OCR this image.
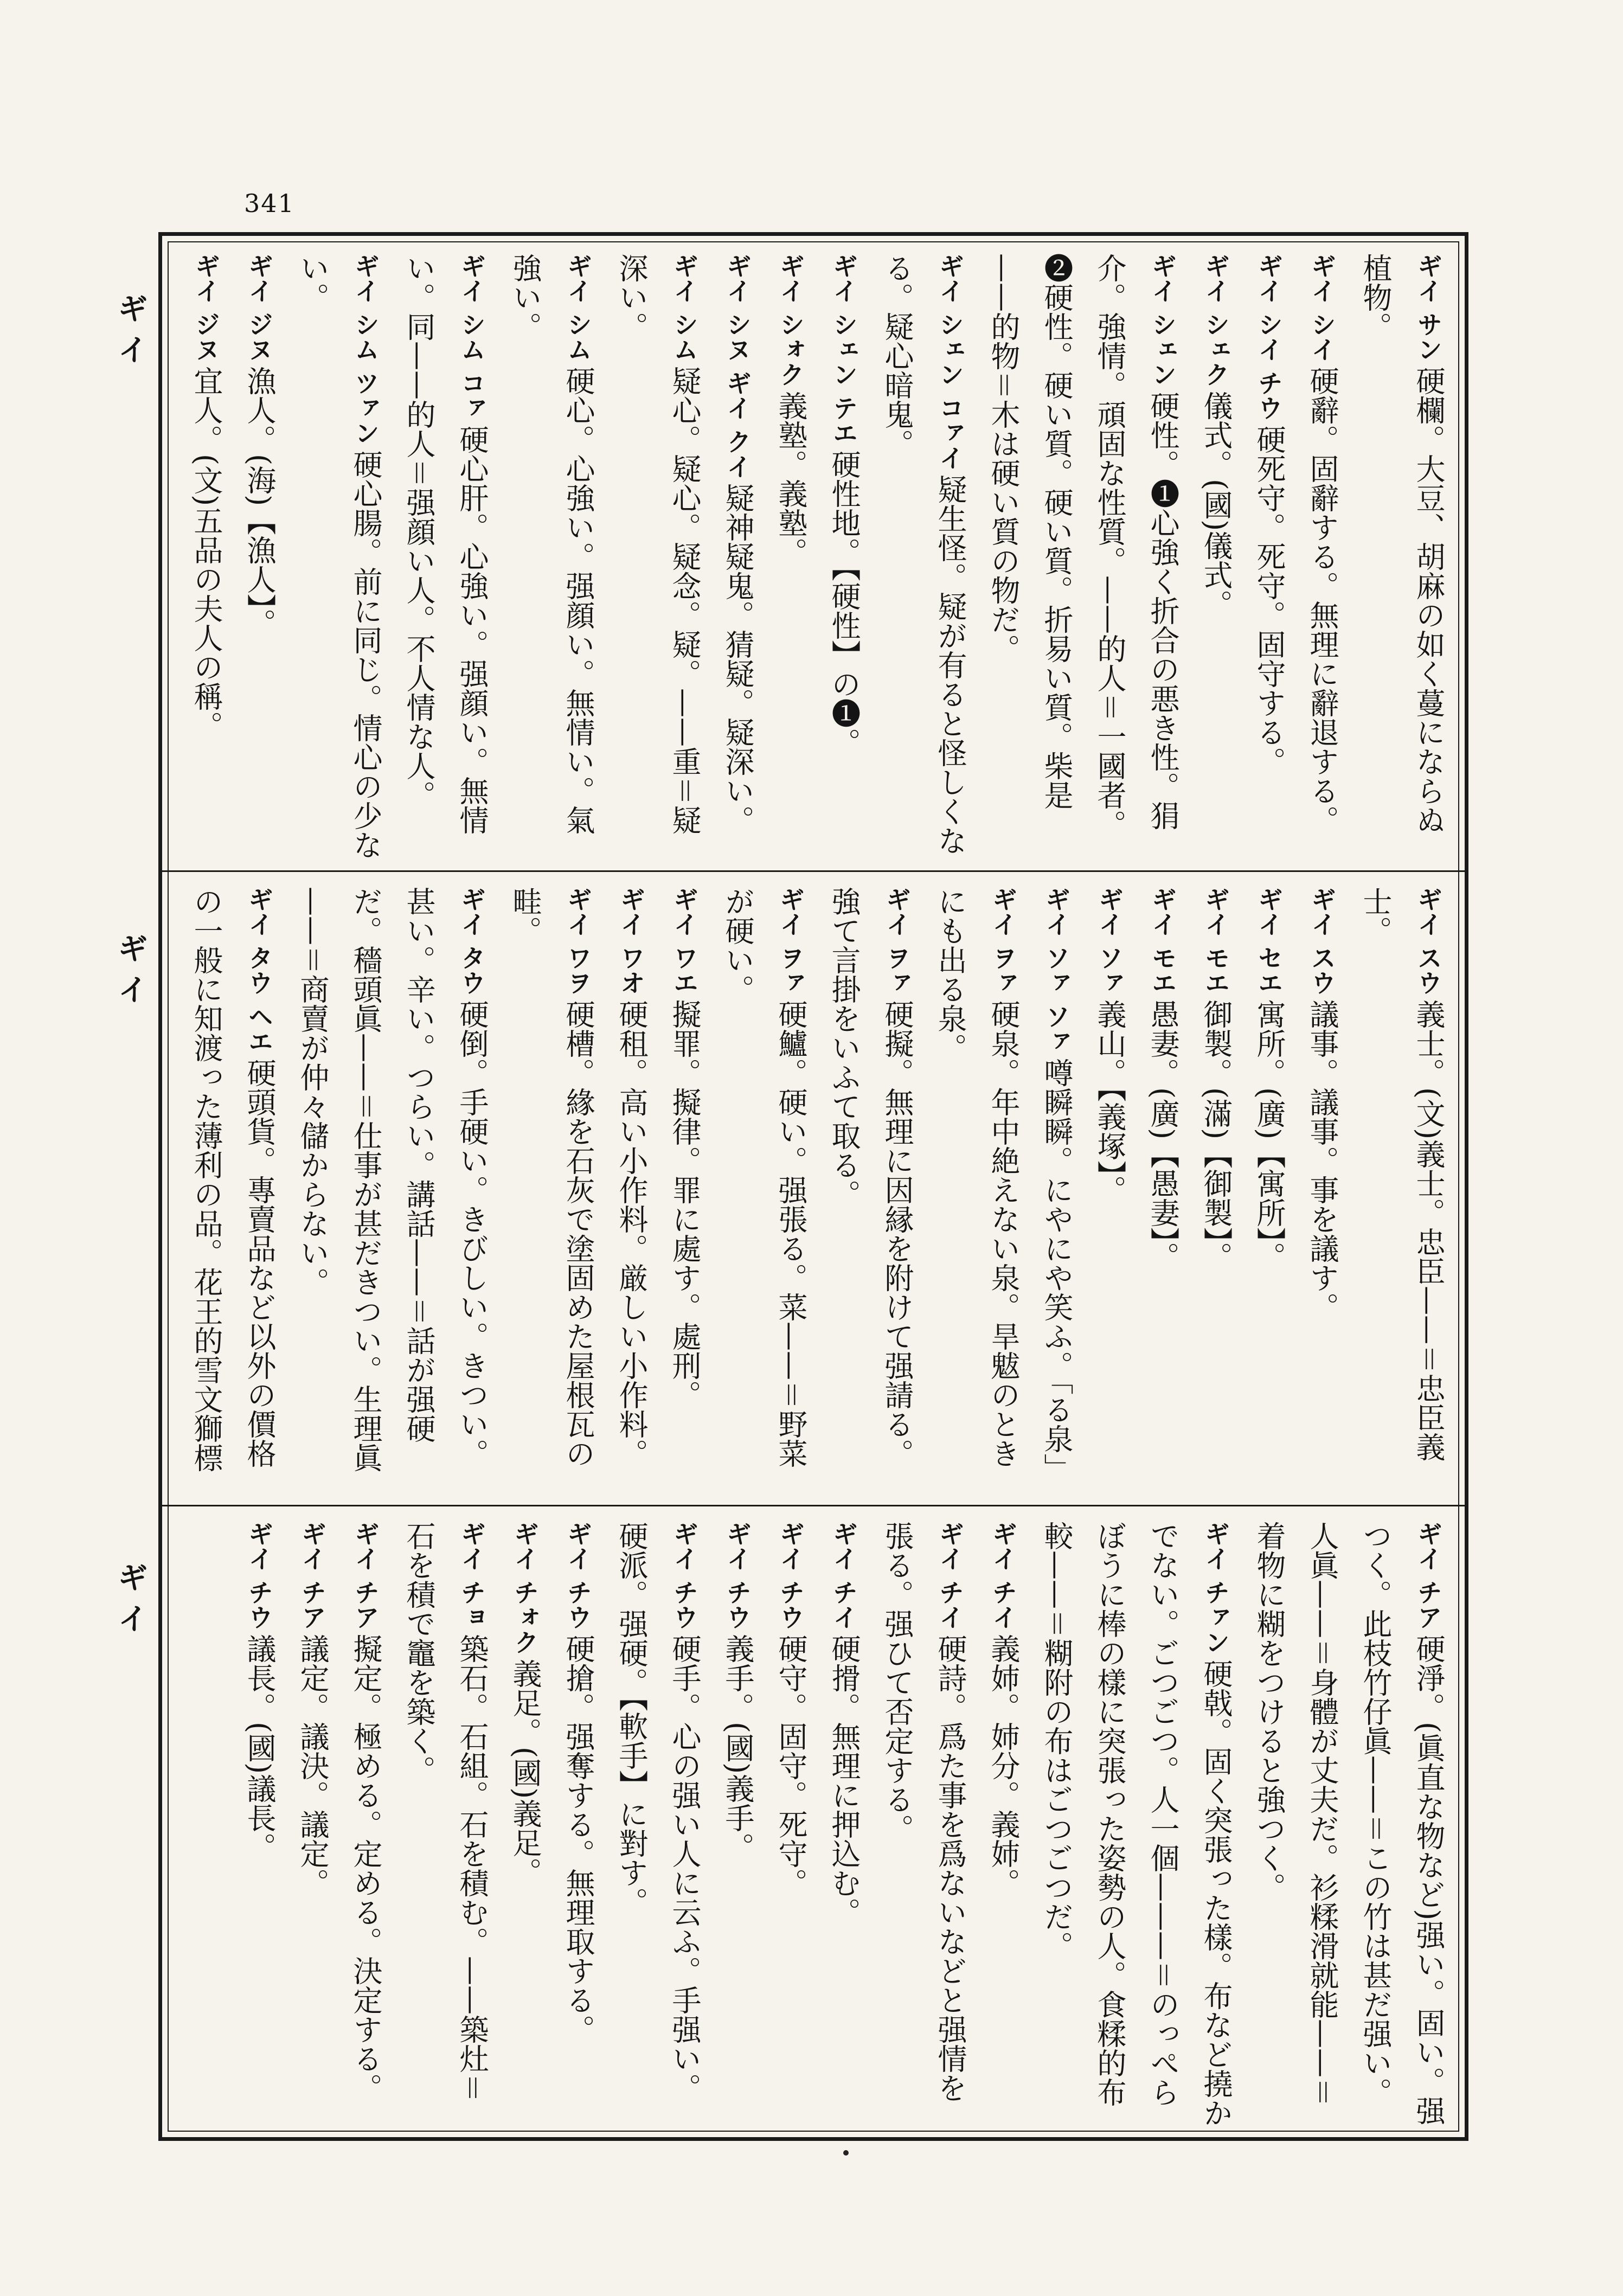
341
ギ イ
ギ イ
ギ イ

ギイ サン硬欄。大豆、胡麻の如く蔓にならぬ植物。

ギイ シイ硬辭。固辭する。無理に辭退する。

ギイ シイ チウ硬死守。死守。固守する。

ギイ シェク儀式。(國)儀式。

ギイ シェン硬性。❶心強く折合の悪き性。狷介。強情。頑固な性質。——的人＝一國者。❷硬性。硬い質。硬い質。折易い質。柴是——的物＝木は硬い質の物だ。

ギイ シェン コァイ疑生怪。疑が有ると怪しくなる。疑心暗鬼。

ギイ シェン テエ硬性地。【硬性】の❶。

ギイ シォク義塾。義塾。

ギイ シヌ ギイ クイ疑神疑鬼。猜疑。疑深い。

ギイ シム疑心。疑心。疑念。疑。——重＝疑深い。

ギイ シム硬心。心強い。强顔い。無情い。氣強い。

ギイ シム コァ硬心肝。心強い。强顔い。無情い。同——的人＝强顔い人。不人情な人。

ギイ シム ツァン硬心腸。前に同じ。情心の少ない。

ギイ ジヌ漁人。(海)【漁人】。

ギイ ジヌ宜人。(文)五品の夫人の稱。

ギイ スウ義士。(文)義士。忠臣——＝忠臣義士。

ギイ スウ議事。議事。事を議す。

ギイ セエ寓所。(廣)【寓所】。

ギイ モエ御製。(滿)【御製】。

ギイ モエ愚妻。(廣)【愚妻】。

ギイ ソァ義山。【義塚】。

ギイ ソァ ソァ噂瞬瞬。にやにや笑ふ。「る泉」

ギイ ヲァ硬泉。年中絶えない泉。旱魃のときにも出る泉。

ギイ ヲァ硬擬。無理に因縁を附けて强請る。強て言掛をいふて取る。

ギイ ヲァ硬鱸。硬い。强張る。菜——＝野菜が硬い。

ギイ ワエ擬罪。擬律。罪に處す。處刑。

ギイ ワオ硬租。高い小作料。厳しい小作料。

ギイ ワヲ硬槽。緣を石灰で塗固めた屋根瓦の畦。

ギイ タウ硬倒。手硬い。きびしい。きつい。甚い。辛い。つらい。講話——＝話が强硬だ。穡頭眞——＝仕事が甚だきつい。生理眞——＝商賣が仲々儲からない。

ギイ タウ ヘエ硬頭貨。專賣品など以外の價格の一般に知渡った薄利の品。花王的雪文獅標

ギイ チア硬淨。(眞直な物など)强い。固い。强つく。此枝竹仔眞——＝この竹は甚だ强い。人眞——＝身體が丈夫だ。衫糅滑就能——＝着物に糊をつけると強つく。

ギイ チァン硬戟。固く突張った樣。布など撓かでない。ごつごつ。人一個———＝のっぺらぼうに棒の樣に突張った姿勢の人。食糅的布較——＝糊附の布はごつごつだ。

ギイ チイ義姉。姉分。義姉。

ギイ チイ硬詩。爲た事を爲ないなどと强情を張る。强ひて否定する。

ギイ チイ硬搰。無理に押込む。

ギイ チウ硬守。固守。死守。

ギイ チウ義手。(國)義手。

ギイ チウ硬手。心の强い人に云ふ。手强い。硬派。强硬。【軟手】に對す。

ギイ チウ硬搶。强奪する。無理取する。

ギイ チォク義足。(國)義足。

ギイ チョ築石。石組。石を積む。——築灶＝石を積で竈を築く。

ギイ チア擬定。極める。定める。決定する。

ギイ チア議定。議決。議定。

ギイ チウ議長。(國)議長。
